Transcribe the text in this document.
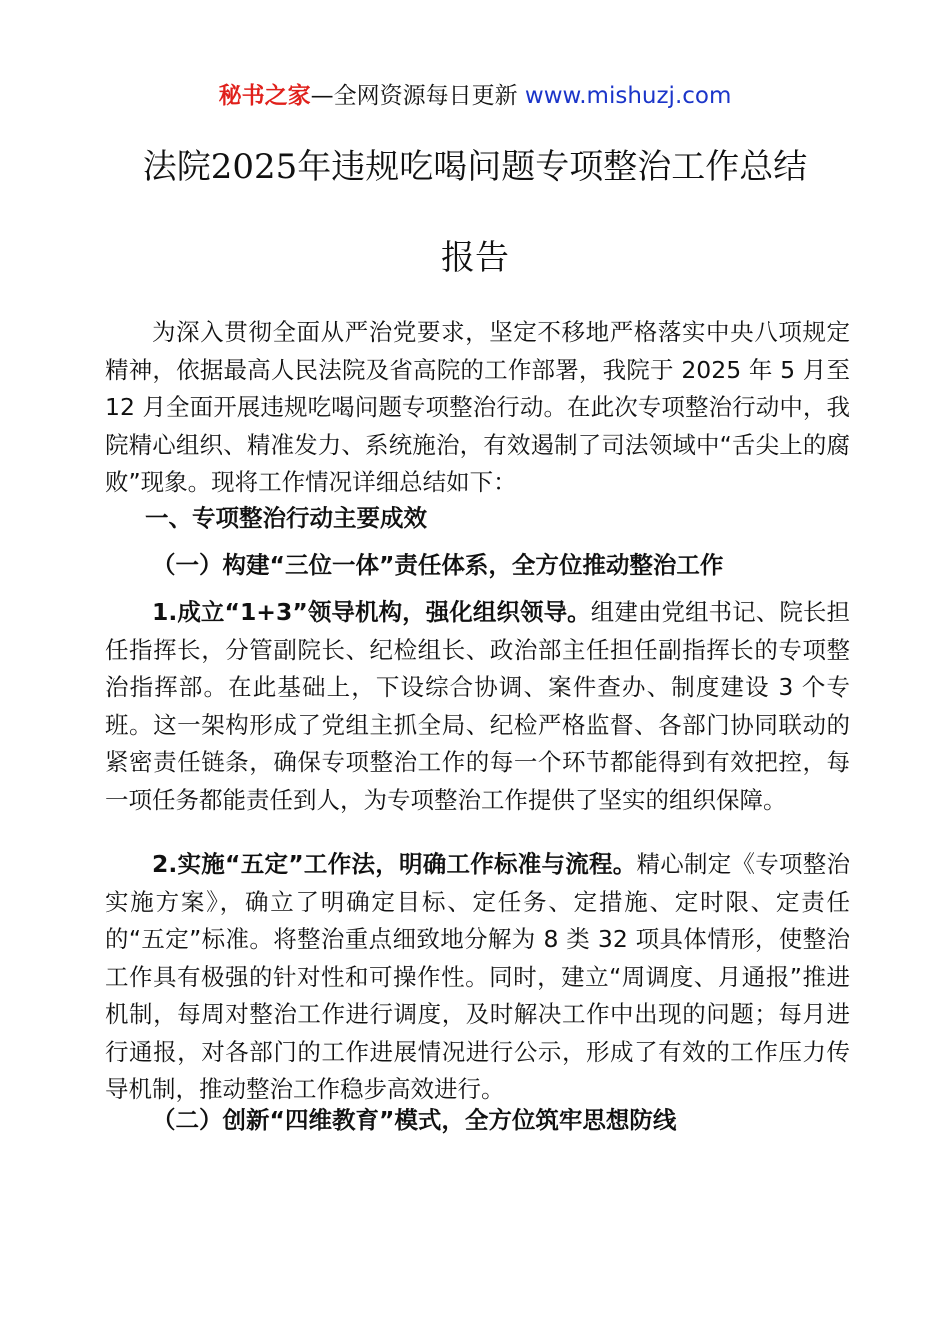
秘书之家—全网资源每日更新 www.mishuzj.com
法院2025年违规吃喝问题专项整治工作总结
报告

为深入贯彻全面从严治党要求，坚定不移地严格落实中央八项规定精神，依据最高人民法院及省高院的工作部署，我院于 2025 年 5 月至 12 月全面开展违规吃喝问题专项整治行动。在此次专项整治行动中，我院精心组织、精准发力、系统施治，有效遏制了司法领域中“舌尖上的腐败”现象。现将工作情况详细总结如下：

一、专项整治行动主要成效

（一）构建“三位一体”责任体系，全方位推动整治工作

1.成立“1+3”领导机构，强化组织领导。组建由党组书记、院长担任指挥长，分管副院长、纪检组长、政治部主任担任副指挥长的专项整治指挥部。在此基础上，下设综合协调、案件查办、制度建设 3 个专班。这一架构形成了党组主抓全局、纪检严格监督、各部门协同联动的紧密责任链条，确保专项整治工作的每一个环节都能得到有效把控，每一项任务都能责任到人，为专项整治工作提供了坚实的组织保障。

2.实施“五定”工作法，明确工作标准与流程。精心制定《专项整治实施方案》，确立了明确定目标、定任务、定措施、定时限、定责任的“五定”标准。将整治重点细致地分解为 8 类 32 项具体情形，使整治工作具有极强的针对性和可操作性。同时，建立“周调度、月通报”推进机制，每周对整治工作进行调度，及时解决工作中出现的问题；每月进行通报，对各部门的工作进展情况进行公示，形成了有效的工作压力传导机制，推动整治工作稳步高效进行。

（二）创新“四维教育”模式，全方位筑牢思想防线
